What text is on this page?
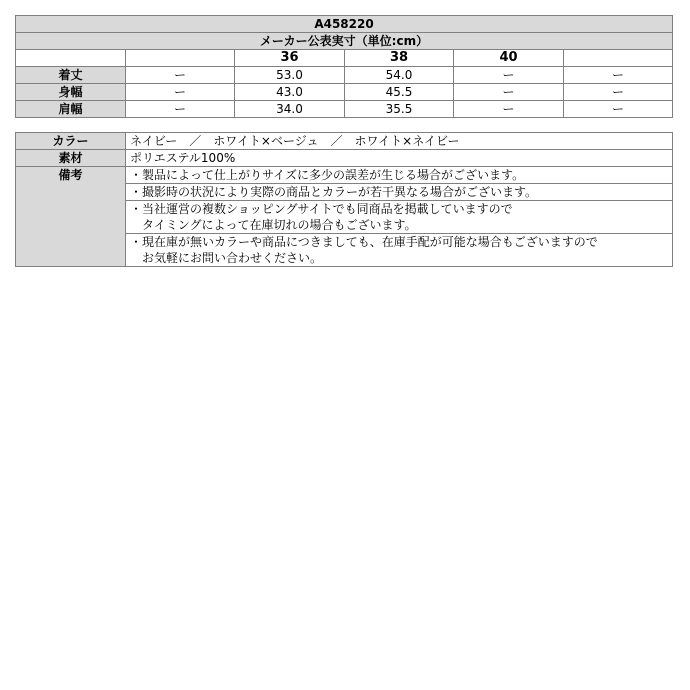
A458220					
メーカー公表実寸（単位:cm）					
		36	38	40	
着丈	ー	53.0	54.0	ー	ー
身幅	ー	43.0	45.5	ー	ー
肩幅	ー	34.0	35.5	ー	ー
カラー	ネイビー　／　ホワイト×ベージュ　／　ホワイト×ネイビー
素材	ポリエステル100%
備考	・製品によって仕上がりサイズに多少の誤差が生じる場合がございます。

	・撮影時の状況により実際の商品とカラーが若干異なる場合がございます。

	・当社運営の複数ショッピングサイトでも同商品を掲載していますので
　タイミングによって在庫切れの場合もございます。

	・現在庫が無いカラーや商品につきましても、在庫手配が可能な場合もございますので
　お気軽にお問い合わせください。
